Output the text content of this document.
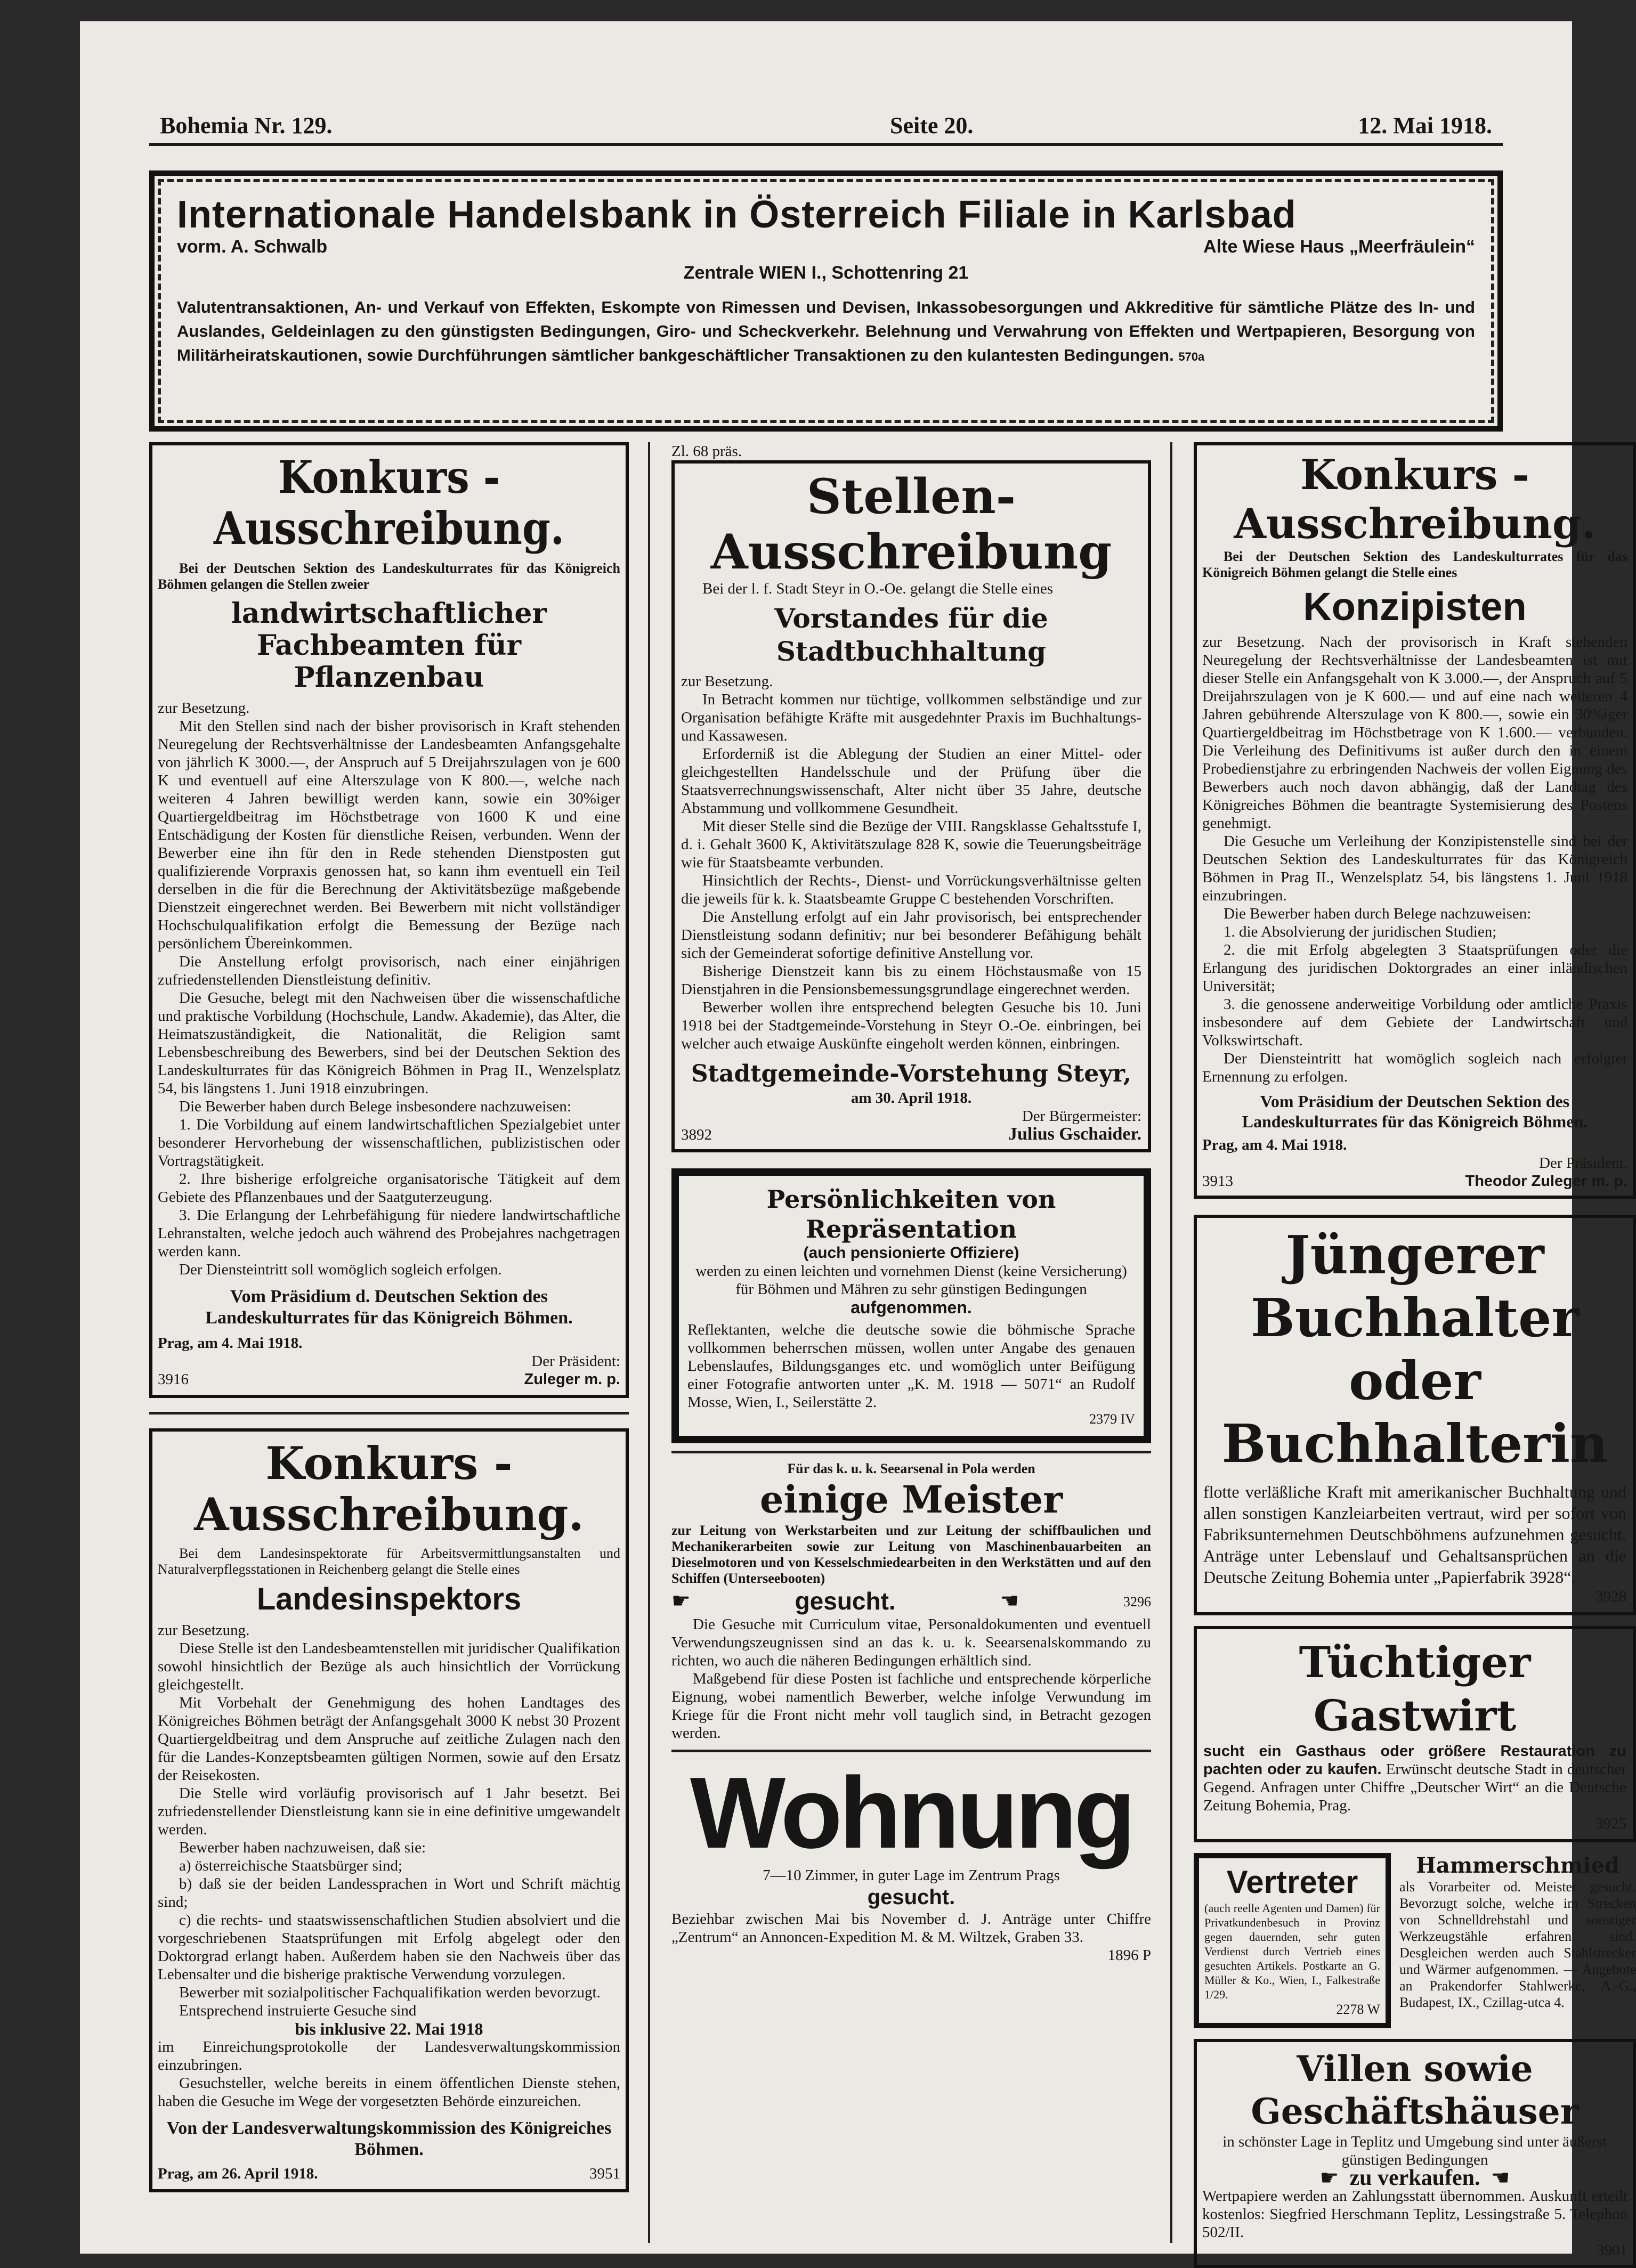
Bohemia Nr. 129.	Seite 20.	12. Mai 1918.
Internationale Handelsbank in Österreich Filiale in Karlsbad
vorm. A. Schwalb	Alte Wiese Haus „Meerfräulein“
Zentrale WIEN I., Schottenring 21

Valutentransaktionen, An- und Verkauf von Effekten, Eskompte von Rimessen und Devisen, Inkassobesorgungen und Akkreditive für sämtliche Plätze des In- und Auslandes, Geldeinlagen zu den günstigsten Bedingungen, Giro- und Scheckverkehr. Belehnung und Verwahrung von Effekten und Wertpapieren, Besorgung von Militärheiratskautionen, sowie Durchführungen sämtlicher bankgeschäftlicher Transaktionen zu den kulantesten Bedingungen. 570a

Konkurs - Ausschreibung.

Bei der Deutschen Sektion des Landeskulturrates für das Königreich Böhmen gelangen die Stellen zweier

landwirtschaftlicher Fachbeamten für Pflanzenbau

zur Besetzung.

Mit den Stellen sind nach der bisher provisorisch in Kraft stehenden Neuregelung der Rechtsverhältnisse der Landesbeamten Anfangsgehalte von jährlich K 3000.—, der Anspruch auf 5 Dreijahrszulagen von je 600 K und eventuell auf eine Alterszulage von K 800.—, welche nach weiteren 4 Jahren bewilligt werden kann, sowie ein 30%iger Quartiergeldbeitrag im Höchstbetrage von 1600 K und eine Entschädigung der Kosten für dienstliche Reisen, verbunden. Wenn der Bewerber eine ihn für den in Rede stehenden Dienstposten gut qualifizierende Vorpraxis genossen hat, so kann ihm eventuell ein Teil derselben in die für die Berechnung der Aktivitätsbezüge maßgebende Dienstzeit eingerechnet werden. Bei Bewerbern mit nicht vollständiger Hochschulqualifikation erfolgt die Bemessung der Bezüge nach persönlichem Übereinkommen.

Die Anstellung erfolgt provisorisch, nach einer einjährigen zufriedenstellenden Dienstleistung definitiv.

Die Gesuche, belegt mit den Nachweisen über die wissenschaftliche und praktische Vorbildung (Hochschule, Landw. Akademie), das Alter, die Heimatszuständigkeit, die Nationalität, die Religion samt Lebensbeschreibung des Bewerbers, sind bei der Deutschen Sektion des Landeskulturrates für das Königreich Böhmen in Prag II., Wenzelsplatz 54, bis längstens 1. Juni 1918 einzubringen.

Die Bewerber haben durch Belege insbesondere nachzuweisen:

1. Die Vorbildung auf einem landwirtschaftlichen Spezialgebiet unter besonderer Hervorhebung der wissenschaftlichen, publizistischen oder Vortragstätigkeit.

2. Ihre bisherige erfolgreiche organisatorische Tätigkeit auf dem Gebiete des Pflanzenbaues und der Saatguterzeugung.

3. Die Erlangung der Lehrbefähigung für niedere landwirtschaftliche Lehranstalten, welche jedoch auch während des Probejahres nachgetragen werden kann.

Der Diensteintritt soll womöglich sogleich erfolgen.

Vom Präsidium d. Deutschen Sektion des Landeskulturrates für das Königreich Böhmen.

Prag, am 4. Mai 1918.

3916
Der Präsident:
Zuleger m. p.
Konkurs - Ausschreibung.

Bei dem Landesinspektorate für Arbeitsvermittlungsanstalten und Naturalverpflegsstationen in Reichenberg gelangt die Stelle eines

Landesinspektors

zur Besetzung.

Diese Stelle ist den Landesbeamtenstellen mit juridischer Qualifikation sowohl hinsichtlich der Bezüge als auch hinsichtlich der Vorrückung gleichgestellt.

Mit Vorbehalt der Genehmigung des hohen Landtages des Königreiches Böhmen beträgt der Anfangsgehalt 3000 K nebst 30 Prozent Quartiergeldbeitrag und dem Anspruche auf zeitliche Zulagen nach den für die Landes-Konzeptsbeamten gültigen Normen, sowie auf den Ersatz der Reisekosten.

Die Stelle wird vorläufig provisorisch auf 1 Jahr besetzt. Bei zufriedenstellender Dienstleistung kann sie in eine definitive umgewandelt werden.

Bewerber haben nachzuweisen, daß sie:

a) österreichische Staatsbürger sind;

b) daß sie der beiden Landessprachen in Wort und Schrift mächtig sind;

c) die rechts- und staatswissenschaftlichen Studien absolviert und die vorgeschriebenen Staatsprüfungen mit Erfolg abgelegt oder den Doktorgrad erlangt haben. Außerdem haben sie den Nachweis über das Lebensalter und die bisherige praktische Verwendung vorzulegen.

Bewerber mit sozialpolitischer Fachqualifikation werden bevorzugt.

Entsprechend instruierte Gesuche sind

bis inklusive 22. Mai 1918

im Einreichungsprotokolle der Landesverwaltungskommission einzubringen.

Gesuchsteller, welche bereits in einem öffentlichen Dienste stehen, haben die Gesuche im Wege der vorgesetzten Behörde einzureichen.

Von der Landesverwaltungskommission des Königreiches Böhmen.

Prag, am 26. April 1918.	3951

Zl. 68 präs.

Stellen-Ausschreibung

Bei der l. f. Stadt Steyr in O.-Oe. gelangt die Stelle eines

Vorstandes für die Stadtbuchhaltung

zur Besetzung.

In Betracht kommen nur tüchtige, vollkommen selbständige und zur Organisation befähigte Kräfte mit ausgedehnter Praxis im Buchhaltungs- und Kassawesen.

Erforderniß ist die Ablegung der Studien an einer Mittel- oder gleichgestellten Handelsschule und der Prüfung über die Staatsverrechnungswissenschaft, Alter nicht über 35 Jahre, deutsche Abstammung und vollkommene Gesundheit.

Mit dieser Stelle sind die Bezüge der VIII. Rangsklasse Gehaltsstufe I, d. i. Gehalt 3600 K, Aktivitätszulage 828 K, sowie die Teuerungsbeiträge wie für Staatsbeamte verbunden.

Hinsichtlich der Rechts-, Dienst- und Vorrückungsverhältnisse gelten die jeweils für k. k. Staatsbeamte Gruppe C bestehenden Vorschriften.

Die Anstellung erfolgt auf ein Jahr provisorisch, bei entsprechender Dienstleistung sodann definitiv; nur bei besonderer Befähigung behält sich der Gemeinderat sofortige definitive Anstellung vor.

Bisherige Dienstzeit kann bis zu einem Höchstausmaße von 15 Dienstjahren in die Pensionsbemessungsgrundlage eingerechnet werden.

Bewerber wollen ihre entsprechend belegten Gesuche bis 10. Juni 1918 bei der Stadtgemeinde-Vorstehung in Steyr O.-Oe. einbringen, bei welcher auch etwaige Auskünfte eingeholt werden können, einbringen.

Stadtgemeinde-Vorstehung Steyr,

am 30. April 1918.

3892
Der Bürgermeister:
Julius Gschaider.
Persönlichkeiten von Repräsentation

(auch pensionierte Offiziere)

werden zu einen leichten und vornehmen Dienst (keine Versicherung) für Böhmen und Mähren zu sehr günstigen Bedingungen

aufgenommen.

Reflektanten, welche die deutsche sowie die böhmische Sprache vollkommen beherrschen müssen, wollen unter Angabe des genauen Lebenslaufes, Bildungsganges etc. und womöglich unter Beifügung einer Fotografie antworten unter „K. M. 1918 — 5071“ an Rudolf Mosse, Wien, I., Seilerstätte 2.

2379 IV

Für das k. u. k. Seearsenal in Pola werden

einige Meister

zur Leitung von Werkstarbeiten und zur Leitung der schiffbaulichen und Mechanikerarbeiten sowie zur Leitung von Maschinenbauarbeiten an Dieselmotoren und von Kesselschmiedearbeiten in den Werkstätten und auf den Schiffen (Unterseebooten)

☛	gesucht.	☚	3296

Die Gesuche mit Curriculum vitae, Personaldokumenten und eventuell Verwendungszeugnissen sind an das k. u. k. Seearsenalskommando zu richten, wo auch die näheren Bedingungen erhältlich sind.

Maßgebend für diese Posten ist fachliche und entsprechende körperliche Eignung, wobei namentlich Bewerber, welche infolge Verwundung im Kriege für die Front nicht mehr voll tauglich sind, in Betracht gezogen werden.

Wohnung

7—10 Zimmer, in guter Lage im Zentrum Prags

gesucht.

Beziehbar zwischen Mai bis November d. J. Anträge unter Chiffre „Zentrum“ an Annoncen-Expedition M. & M. Wiltzek, Graben 33.

1896 P

Konkurs - Ausschreibung.

Bei der Deutschen Sektion des Landeskulturrates für das Königreich Böhmen gelangt die Stelle eines

Konzipisten

zur Besetzung. Nach der provisorisch in Kraft stehenden Neuregelung der Rechtsverhältnisse der Landesbeamten ist mit dieser Stelle ein Anfangsgehalt von K 3.000.—, der Anspruch auf 5 Dreijahrszulagen von je K 600.— und auf eine nach weiteren 4 Jahren gebührende Alterszulage von K 800.—, sowie ein 30%iger Quartiergeldbeitrag im Höchstbetrage von K 1.600.— verbunden. Die Verleihung des Definitivums ist außer durch den in einem Probedienstjahre zu erbringenden Nachweis der vollen Eignung des Bewerbers auch noch davon abhängig, daß der Landtag des Königreiches Böhmen die beantragte Systemisierung des Postens genehmigt.

Die Gesuche um Verleihung der Konzipistenstelle sind bei der Deutschen Sektion des Landeskulturrates für das Königreich Böhmen in Prag II., Wenzelsplatz 54, bis längstens 1. Juni 1918 einzubringen.

Die Bewerber haben durch Belege nachzuweisen:

1. die Absolvierung der juridischen Studien;

2. die mit Erfolg abgelegten 3 Staatsprüfungen oder die Erlangung des juridischen Doktorgrades an einer inländischen Universität;

3. die genossene anderweitige Vorbildung oder amtliche Praxis insbesondere auf dem Gebiete der Landwirtschaft und Volkswirtschaft.

Der Diensteintritt hat womöglich sogleich nach erfolgter Ernennung zu erfolgen.

Vom Präsidium der Deutschen Sektion des Landeskulturrates für das Königreich Böhmen.

Prag, am 4. Mai 1918.

3913
Der Präsident.
Theodor Zuleger m. p.
Jüngerer Buchhalter
oder Buchhalterin

flotte verläßliche Kraft mit amerikanischer Buchhaltung und allen sonstigen Kanzleiarbeiten vertraut, wird per sofort von Fabriksunternehmen Deutschböhmens aufzunehmen gesucht. Anträge unter Lebenslauf und Gehaltsansprüchen an die Deutsche Zeitung Bohemia unter „Papierfabrik 3928“.

3928

Tüchtiger Gastwirt

sucht ein Gasthaus oder größere Restauration zu pachten oder zu kaufen. Erwünscht deutsche Stadt in deutscher Gegend. Anfragen unter Chiffre „Deutscher Wirt“ an die Deutsche Zeitung Bohemia, Prag.

3925

Vertreter

(auch reelle Agenten und Damen) für Privatkundenbesuch in Provinz gegen dauernden, sehr guten Verdienst durch Vertrieb eines gesuchten Artikels. Postkarte an G. Müller & Ko., Wien, I., Falkestraße 1/29.

2278 W

Hammerschmied

als Vorarbeiter od. Meister gesucht. Bevorzugt solche, welche im Strecken von Schnelldrehstahl und sonstiger Werkzeugstähle erfahren sind. Desgleichen werden auch Stahlstrecker und Wärmer aufgenommen. — Angebote an Prakendorfer Stahlwerke, A.-G., Budapest, IX., Czillag-utca 4.

Villen sowie Geschäftshäuser

in schönster Lage in Teplitz und Umgebung sind unter äußerst günstigen Bedingungen

☛ zu verkaufen. ☚

Wertpapiere werden an Zahlungsstatt übernommen. Auskunft erteilt kostenlos: Siegfried Herschmann Teplitz, Lessingstraße 5. Telephon 502/II.

3901
